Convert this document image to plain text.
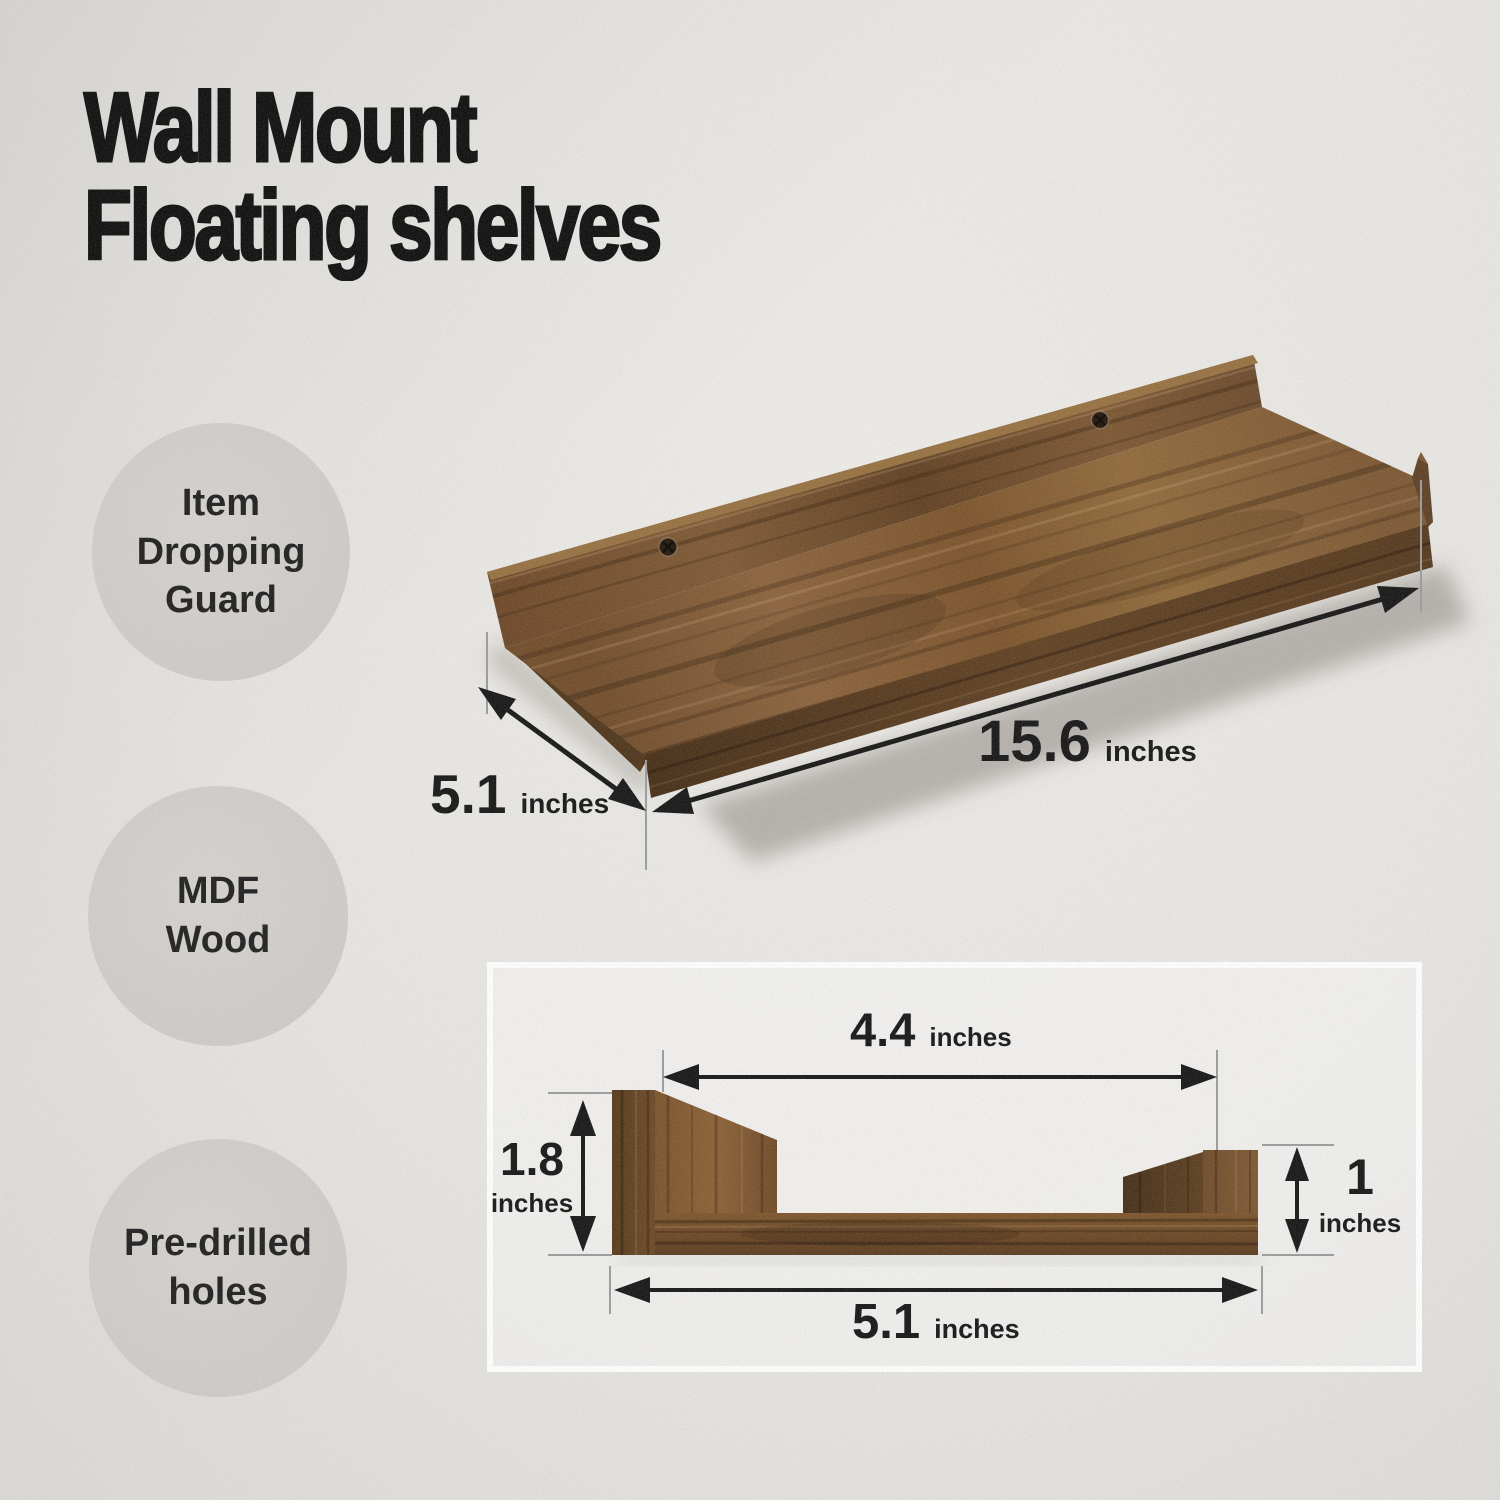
Wall Mount
Floating shelves
Item
Dropping
Guard
MDF
Wood
Pre-drilled
holes
15.6 inches
5.1 inches
4.4 inches
1.8
inches	1
inches
5.1 inches
